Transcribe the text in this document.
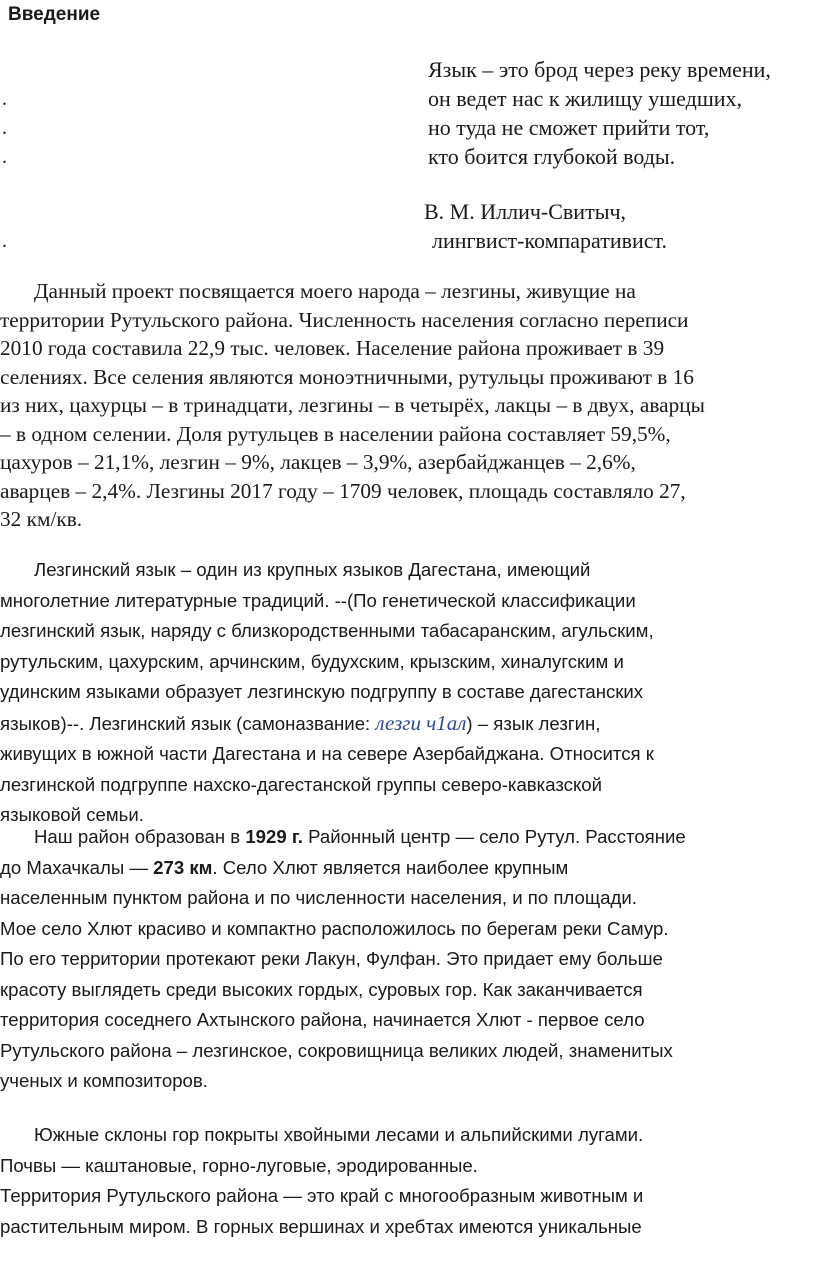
Введение
Язык – это брод через реку времени,
он ведет нас к жилищу ушедших,
но туда не сможет прийти тот,
кто боится глубокой воды.
В. М. Иллич-Свитыч,
лингвист-компаративист.
.
.
.
.
Данный проект посвящается моего народа – лезгины, живущие на
территории Рутульского района. Численность населения согласно переписи
2010 года составила 22,9 тыс. человек. Население района проживает в 39
селениях. Все селения являются моноэтничными, рутульцы проживают в 16
из них, цахурцы – в тринадцати, лезгины – в четырёх, лакцы – в двух, аварцы
– в одном селении. Доля рутульцев в населении района составляет 59,5%,
цахуров – 21,1%, лезгин – 9%, лакцев – 3,9%, азербайджанцев – 2,6%,
аварцев – 2,4%. Лезгины 2017 году – 1709 человек, площадь составляло 27,
32 км/кв.
Лезгинский язык – один из крупных языков Дагестана, имеющий
многолетние литературные традиций. --(По генетической классификации
лезгинский язык, наряду с близкородственными табасаранским, агульским,
рутульским, цахурским, арчинским, будухским, крызским, хиналугским и
удинским языками образует лезгинскую подгруппу в составе дагестанских
языков)--. Лезгинский язык (самоназвание: лезги ч1ал) – язык лезгин,
живущих в южной части Дагестана и на севере Азербайджана. Относится к
лезгинской подгруппе нахско-дагестанской группы северо-кавказской
языковой семьи.
Наш район образован в 1929 г. Районный центр — село Рутул. Расстояние
до Махачкалы — 273 км. Село Хлют является наиболее крупным
населенным пунктом района и по численности населения, и по площади.
Мое село Хлют красиво и компактно расположилось по берегам реки Самур.
По его территории протекают реки Лакун, Фулфан. Это придает ему больше
красоту выглядеть среди высоких гордых, суровых гор. Как заканчивается
территория соседнего Ахтынского района, начинается Хлют - первое село
Рутульского района – лезгинское, сокровищница великих людей, знаменитых
ученых и композиторов.
Южные склоны гор покрыты хвойными лесами и альпийскими лугами.
Почвы — каштановые, горно-луговые, эродированные.
Территория Рутульского района — это край с многообразным животным и
растительным миром. В горных вершинах и хребтах имеются уникальные
